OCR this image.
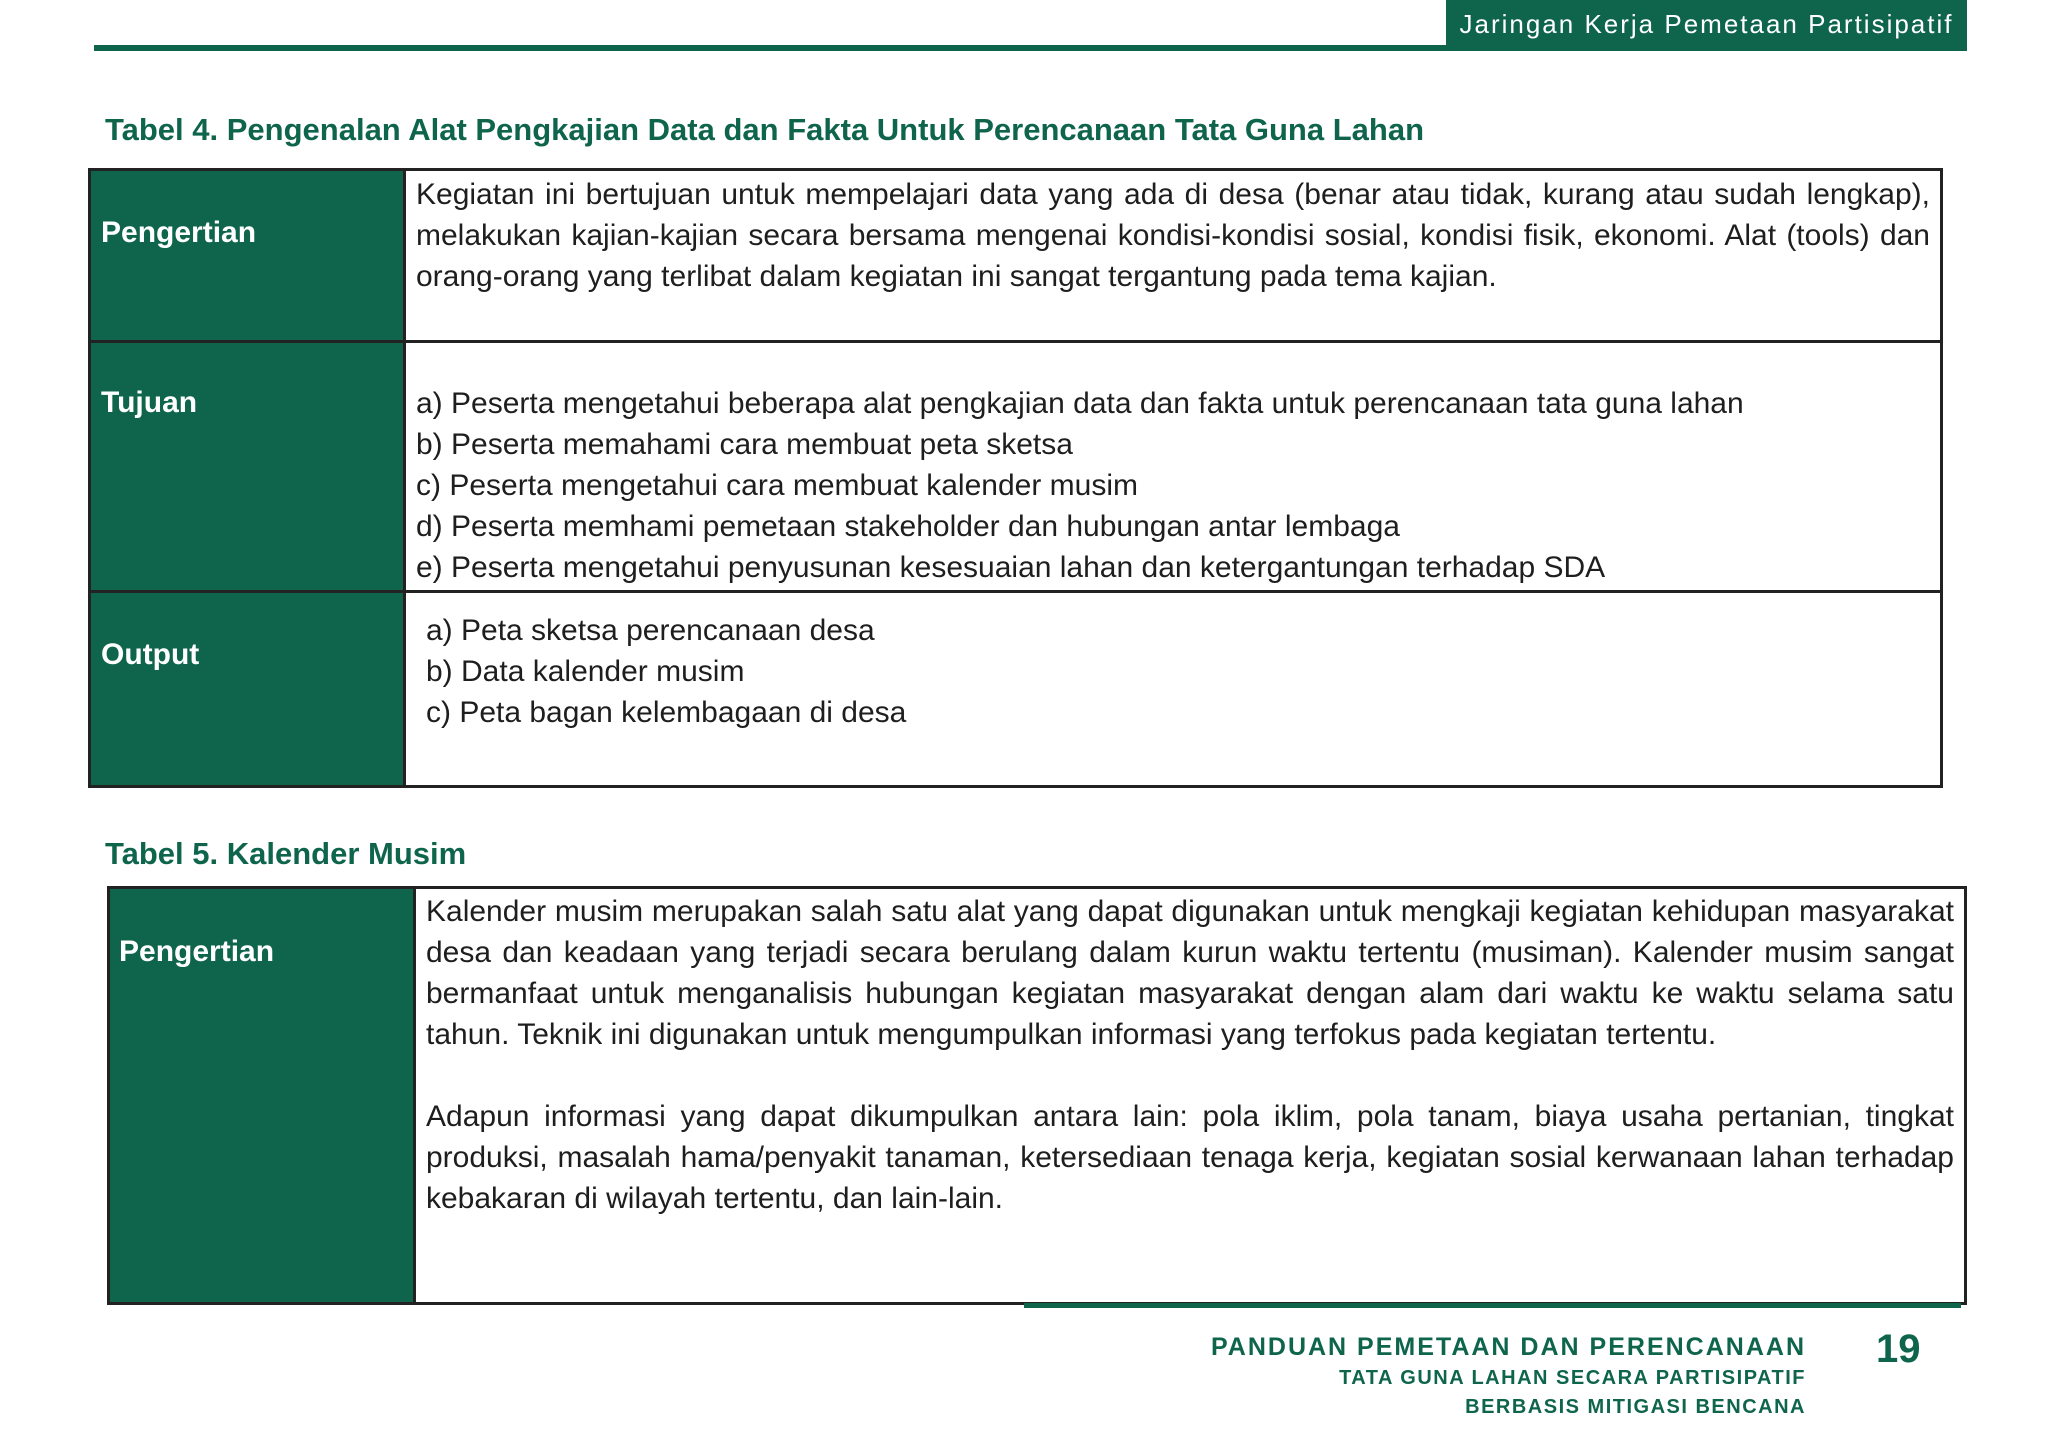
Jaringan Kerja Pemetaan Partisipatif
Tabel 4. Pengenalan Alat Pengkajian Data dan Fakta Untuk Perencanaan Tata Guna Lahan
Pengertian

Kegiatan ini bertujuan untuk mempelajari data yang ada di desa (benar atau tidak, kurang atau sudah lengkap), melakukan kajian-kajian secara bersama mengenai kondisi-kondisi sosial, kondisi fisik, ekonomi. Alat (tools) dan orang-orang yang terlibat dalam kegiatan ini sangat tergantung pada tema kajian.

Tujuan	a) Peserta mengetahui beberapa alat pengkajian data dan fakta untuk perencanaan tata guna lahan
b) Peserta memahami cara membuat peta sketsa
c) Peserta mengetahui cara membuat kalender musim
d) Peserta memhami pemetaan stakeholder dan hubungan antar lembaga
e) Peserta mengetahui penyusunan kesesuaian lahan dan ketergantungan terhadap SDA
Output
a) Peta sketsa perencanaan desa
b) Data kalender musim
c) Peta bagan kelembagaan di desa
Tabel 5. Kalender Musim
Pengertian

Kalender musim merupakan salah satu alat yang dapat digunakan untuk mengkaji kegiatan kehidupan masyarakat desa dan keadaan yang terjadi secara berulang dalam kurun waktu tertentu (musiman). Kalender musim sangat bermanfaat untuk menganalisis hubungan kegiatan masyarakat dengan alam dari waktu ke waktu selama satu tahun. Teknik ini digunakan untuk mengumpulkan informasi yang terfokus pada kegiatan tertentu.

Adapun informasi yang dapat dikumpulkan antara lain: pola iklim, pola tanam, biaya usaha pertanian, tingkat produksi, masalah hama/penyakit tanaman, ketersediaan tenaga kerja, kegiatan sosial kerwanaan lahan terhadap kebakaran di wilayah tertentu, dan lain-lain.

PANDUAN PEMETAAN DAN PERENCANAAN
TATA GUNA LAHAN SECARA PARTISIPATIF
BERBASIS MITIGASI BENCANA
19
